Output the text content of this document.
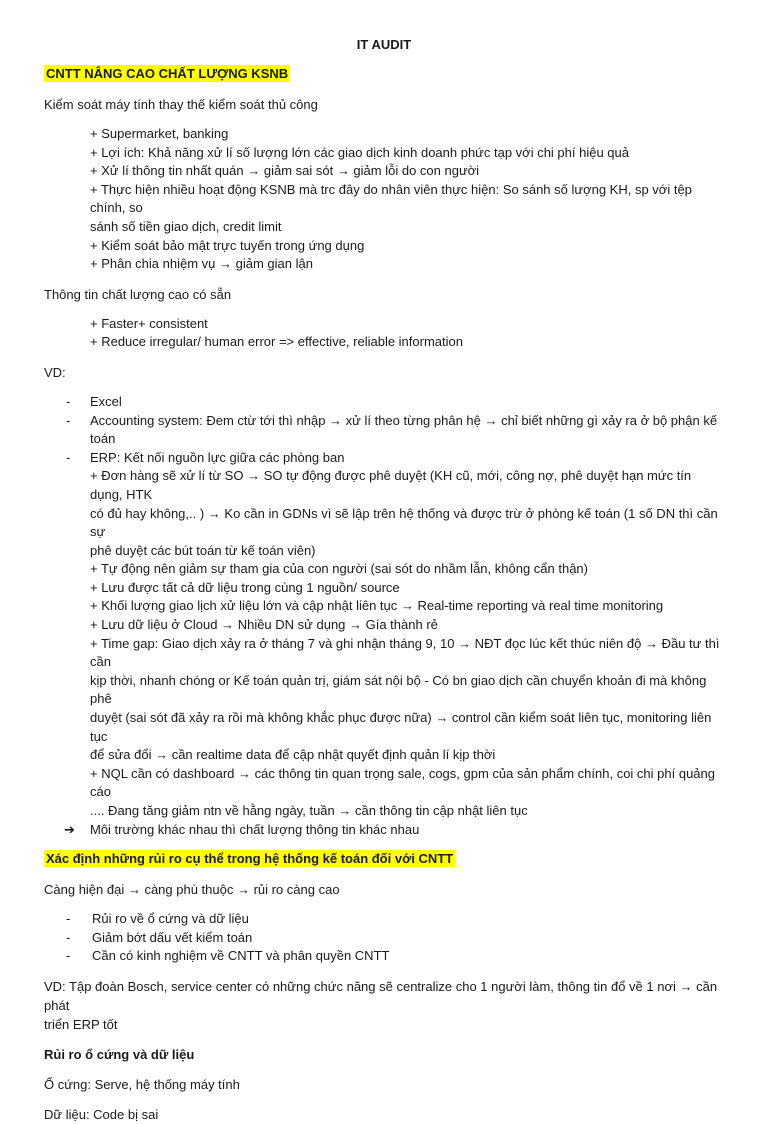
IT AUDIT
CNTT NÂNG CAO CHẤT LƯỢNG KSNB
Kiểm soát máy tính thay thế kiểm soát thủ công
+ Supermarket, banking
+ Lợi ích: Khả năng xử lí số lượng lớn các giao dịch kinh doanh phức tạp với chi phí hiệu quả
+ Xử lí thông tin nhất quán → giảm sai sót → giảm lỗi do con người
+ Thực hiện nhiều hoạt động KSNB mà trc đây do nhân viên thực hiện: So sánh số lượng KH, sp với tệp chính, so
sánh số tiền giao dịch, credit limit
+ Kiểm soát bảo mật trực tuyến trong ứng dụng
+ Phân chia nhiệm vụ → giảm gian lận
Thông tin chất lượng cao có sẵn
+ Faster+ consistent
+ Reduce irregular/ human error => effective, reliable information
VD:
- Excel
- Accounting system: Đem ctừ tới thì nhập → xử lí theo từng phân hệ → chỉ biết những gì xảy ra ở bộ phận kế
toán
- ERP: Kết nối nguồn lực giữa các phòng ban
+ Đơn hàng sẽ xử lí từ SO → SO tự động được phê duyệt (KH cũ, mới, công nợ, phê duyệt hạn mức tín dụng, HTK
có đủ hay không,.. ) → Ko cần in GDNs vì sẽ lập trên hệ thống và được trừ ở phòng kế toán (1 số DN thì cần sự
phê duyệt các bút toán từ kế toán viên)
+ Tự động nên giảm sự tham gia của con người (sai sót do nhầm lẫn, không cẩn thận)
+ Lưu được tất cả dữ liệu trong cùng 1 nguồn/ source
+ Khối lượng giao lịch xử liệu lớn và cập nhật liên tục → Real-time reporting và real time monitoring
+ Lưu dữ liệu ở Cloud → Nhiều DN sử dụng → Gía thành rẻ
+ Time gap: Giao dịch xảy ra ở tháng 7 và ghi nhận tháng 9, 10 → NĐT đọc lúc kết thúc niên độ → Đầu tư thì cần
kịp thời, nhanh chóng or Kế toán quản trị, giám sát nội bộ - Có bn giao dịch cần chuyển khoản đi mà không phê
duyệt (sai sót đã xảy ra rồi mà không khắc phục được nữa) → control cần kiểm soát liên tục, monitoring liên tục
để sửa đổi → cần realtime data để cập nhật quyết định quản lí kịp thời
+ NQL cần có dashboard → các thông tin quan trọng sale, cogs, gpm của sản phẩm chính, coi chi phí quảng cáo
.... Đang tăng giảm ntn về hằng ngày, tuần → cần thông tin cập nhật liên tục
➔ Môi trường khác nhau thì chất lượng thông tin khác nhau
Xác định những rủi ro cụ thể trong hệ thống kế toán đối với CNTT
Càng hiện đại → càng phù thuộc → rủi ro càng cao
- Rủi ro về ổ cứng và dữ liệu
- Giảm bớt dấu vết kiểm toán
- Cần có kinh nghiệm về CNTT và phân quyền CNTT
VD: Tập đoàn Bosch, service center có những chức năng sẽ centralize cho 1 người làm, thông tin đổ về 1 nơi → cần phát
triển ERP tốt
Rủi ro ổ cứng và dữ liệu
Ổ cứng: Serve, hệ thống máy tính
Dữ liệu: Code bị sai
